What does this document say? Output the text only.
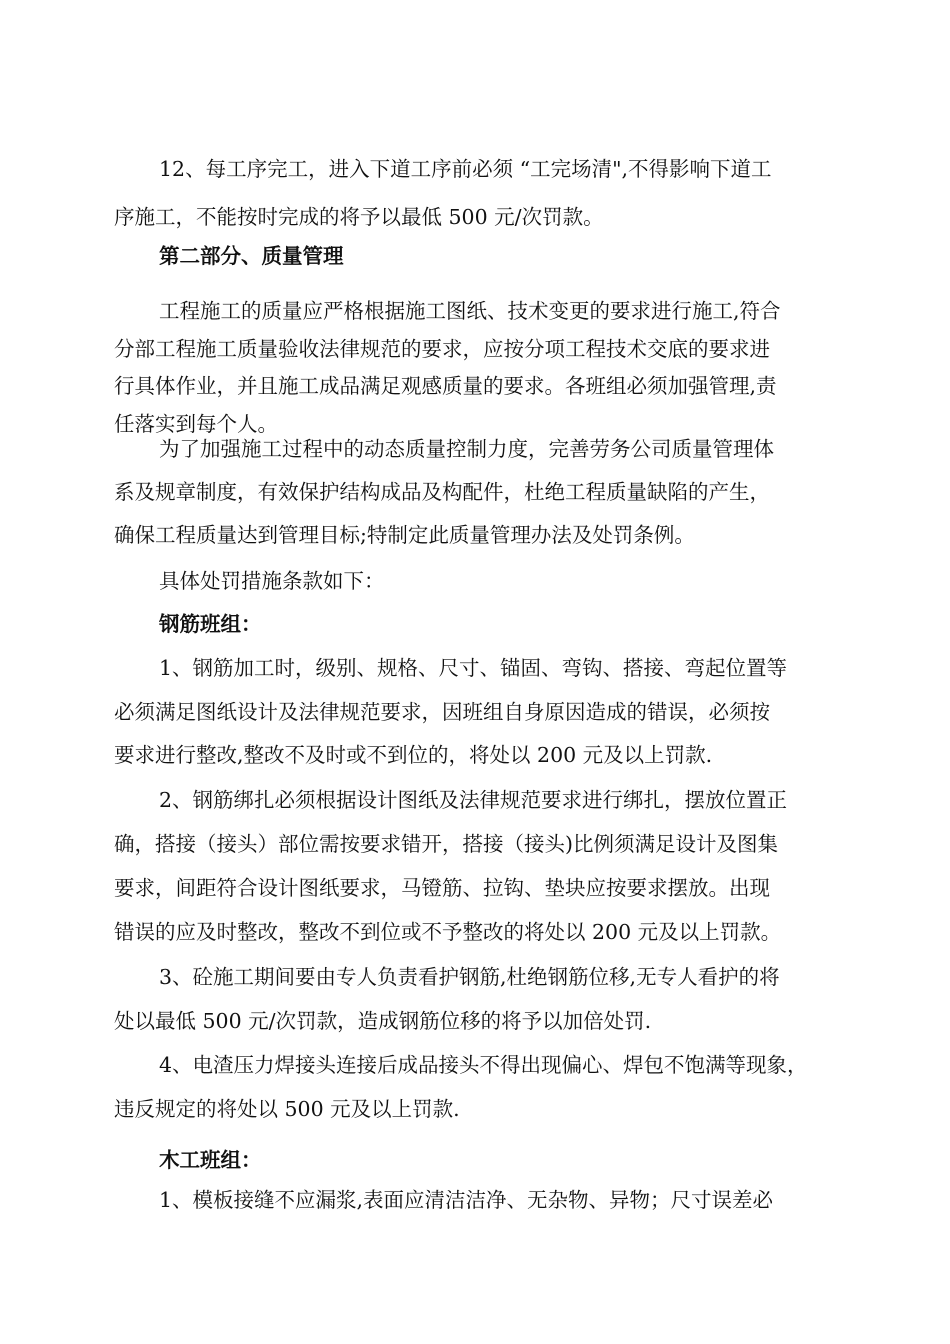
12、每工序完工，进入下道工序前必须 “工完场清",不得影响下道工
序施工，不能按时完成的将予以最低 500 元/次罚款。
第二部分、质量管理
工程施工的质量应严格根据施工图纸、技术变更的要求进行施工,符合
分部工程施工质量验收法律规范的要求，应按分项工程技术交底的要求进
行具体作业，并且施工成品满足观感质量的要求。各班组必须加强管理,责
任落实到每个人。
为了加强施工过程中的动态质量控制力度，完善劳务公司质量管理体
系及规章制度，有效保护结构成品及构配件，杜绝工程质量缺陷的产生，
确保工程质量达到管理目标;特制定此质量管理办法及处罚条例。
具体处罚措施条款如下：
钢筋班组：
1、钢筋加工时，级别、规格、尺寸、锚固、弯钩、搭接、弯起位置等
必须满足图纸设计及法律规范要求，因班组自身原因造成的错误，必须按
要求进行整改,整改不及时或不到位的，将处以 200 元及以上罚款.
2、钢筋绑扎必须根据设计图纸及法律规范要求进行绑扎，摆放位置正
确，搭接（接头）部位需按要求错开，搭接（接头)比例须满足设计及图集
要求，间距符合设计图纸要求，马镫筋、拉钩、垫块应按要求摆放。出现
错误的应及时整改，整改不到位或不予整改的将处以 200 元及以上罚款。
3、砼施工期间要由专人负责看护钢筋,杜绝钢筋位移,无专人看护的将
处以最低 500 元/次罚款，造成钢筋位移的将予以加倍处罚.
4、电渣压力焊接头连接后成品接头不得出现偏心、焊包不饱满等现象，
违反规定的将处以 500 元及以上罚款.
木工班组：
1、模板接缝不应漏浆,表面应清洁洁净、无杂物、异物；尺寸误差必
